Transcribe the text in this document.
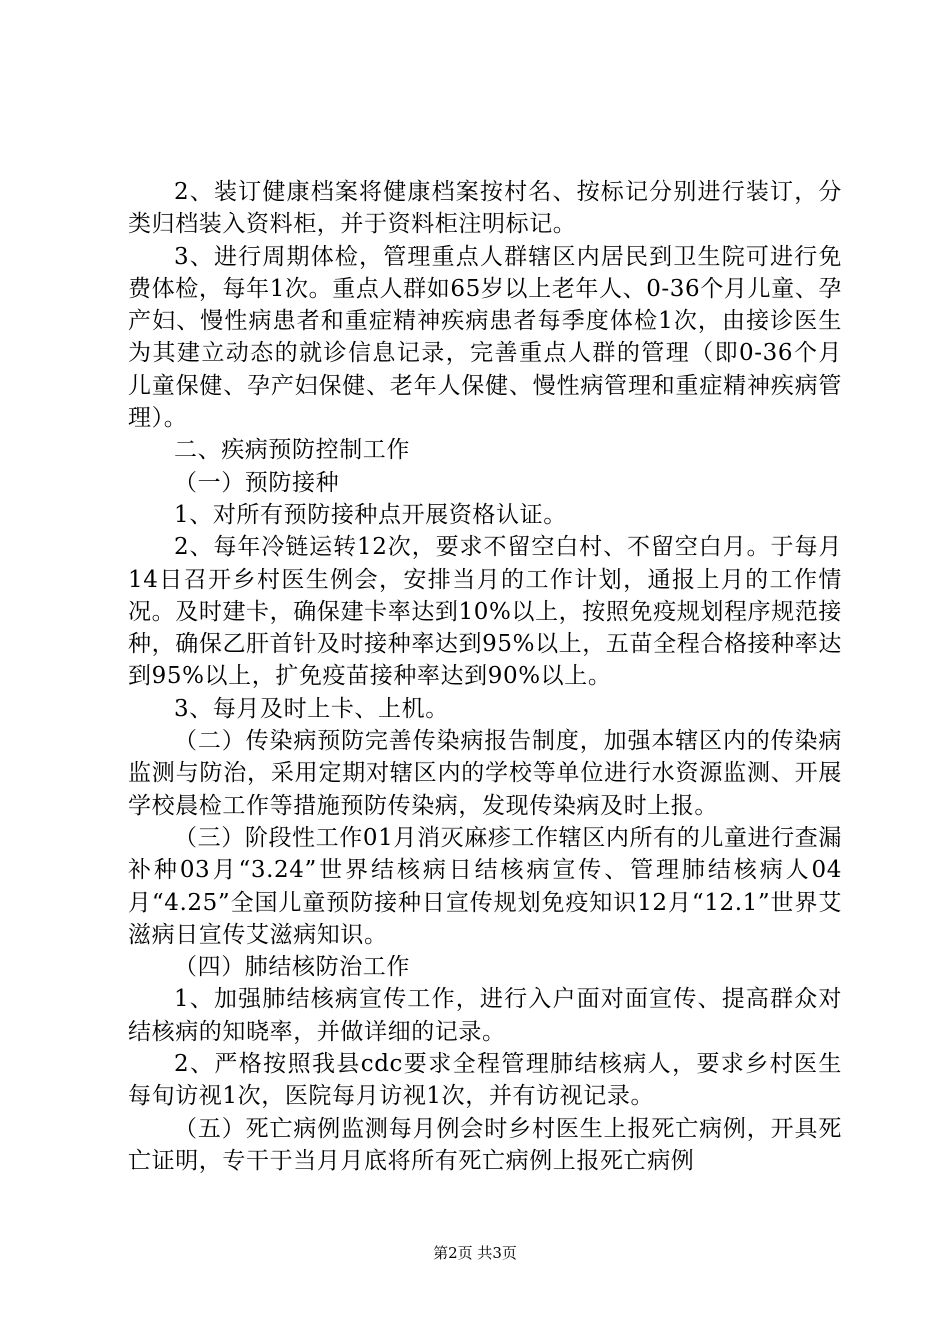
2、装订健康档案将健康档案按村名、按标记分别进行装订，分类归档装入资料柜，并于资料柜注明标记。

3、进行周期体检，管理重点人群辖区内居民到卫生院可进行免费体检，每年1次。重点人群如65岁以上老年人、0-36个月儿童、孕产妇、慢性病患者和重症精神疾病患者每季度体检1次，由接诊医生为其建立动态的就诊信息记录，完善重点人群的管理（即0-36个月儿童保健、孕产妇保健、老年人保健、慢性病管理和重症精神疾病管理）。

二、疾病预防控制工作

（一）预防接种

1、对所有预防接种点开展资格认证。

2、每年冷链运转12次，要求不留空白村、不留空白月。于每月14日召开乡村医生例会，安排当月的工作计划，通报上月的工作情况。及时建卡，确保建卡率达到10%以上，按照免疫规划程序规范接种，确保乙肝首针及时接种率达到95%以上，五苗全程合格接种率达到95%以上，扩免疫苗接种率达到90%以上。

3、每月及时上卡、上机。

（二）传染病预防完善传染病报告制度，加强本辖区内的传染病监测与防治，采用定期对辖区内的学校等单位进行水资源监测、开展学校晨检工作等措施预防传染病，发现传染病及时上报。

（三）阶段性工作01月消灭麻疹工作辖区内所有的儿童进行查漏补种03月“3.24”世界结核病日结核病宣传、管理肺结核病人04月“4.25”全国儿童预防接种日宣传规划免疫知识12月“12.1”世界艾滋病日宣传艾滋病知识。

（四）肺结核防治工作

1、加强肺结核病宣传工作，进行入户面对面宣传、提高群众对结核病的知晓率，并做详细的记录。

2、严格按照我县cdc要求全程管理肺结核病人，要求乡村医生每旬访视1次，医院每月访视1次，并有访视记录。

（五）死亡病例监测每月例会时乡村医生上报死亡病例，开具死亡证明，专干于当月月底将所有死亡病例上报死亡病例

第2页 共3页
